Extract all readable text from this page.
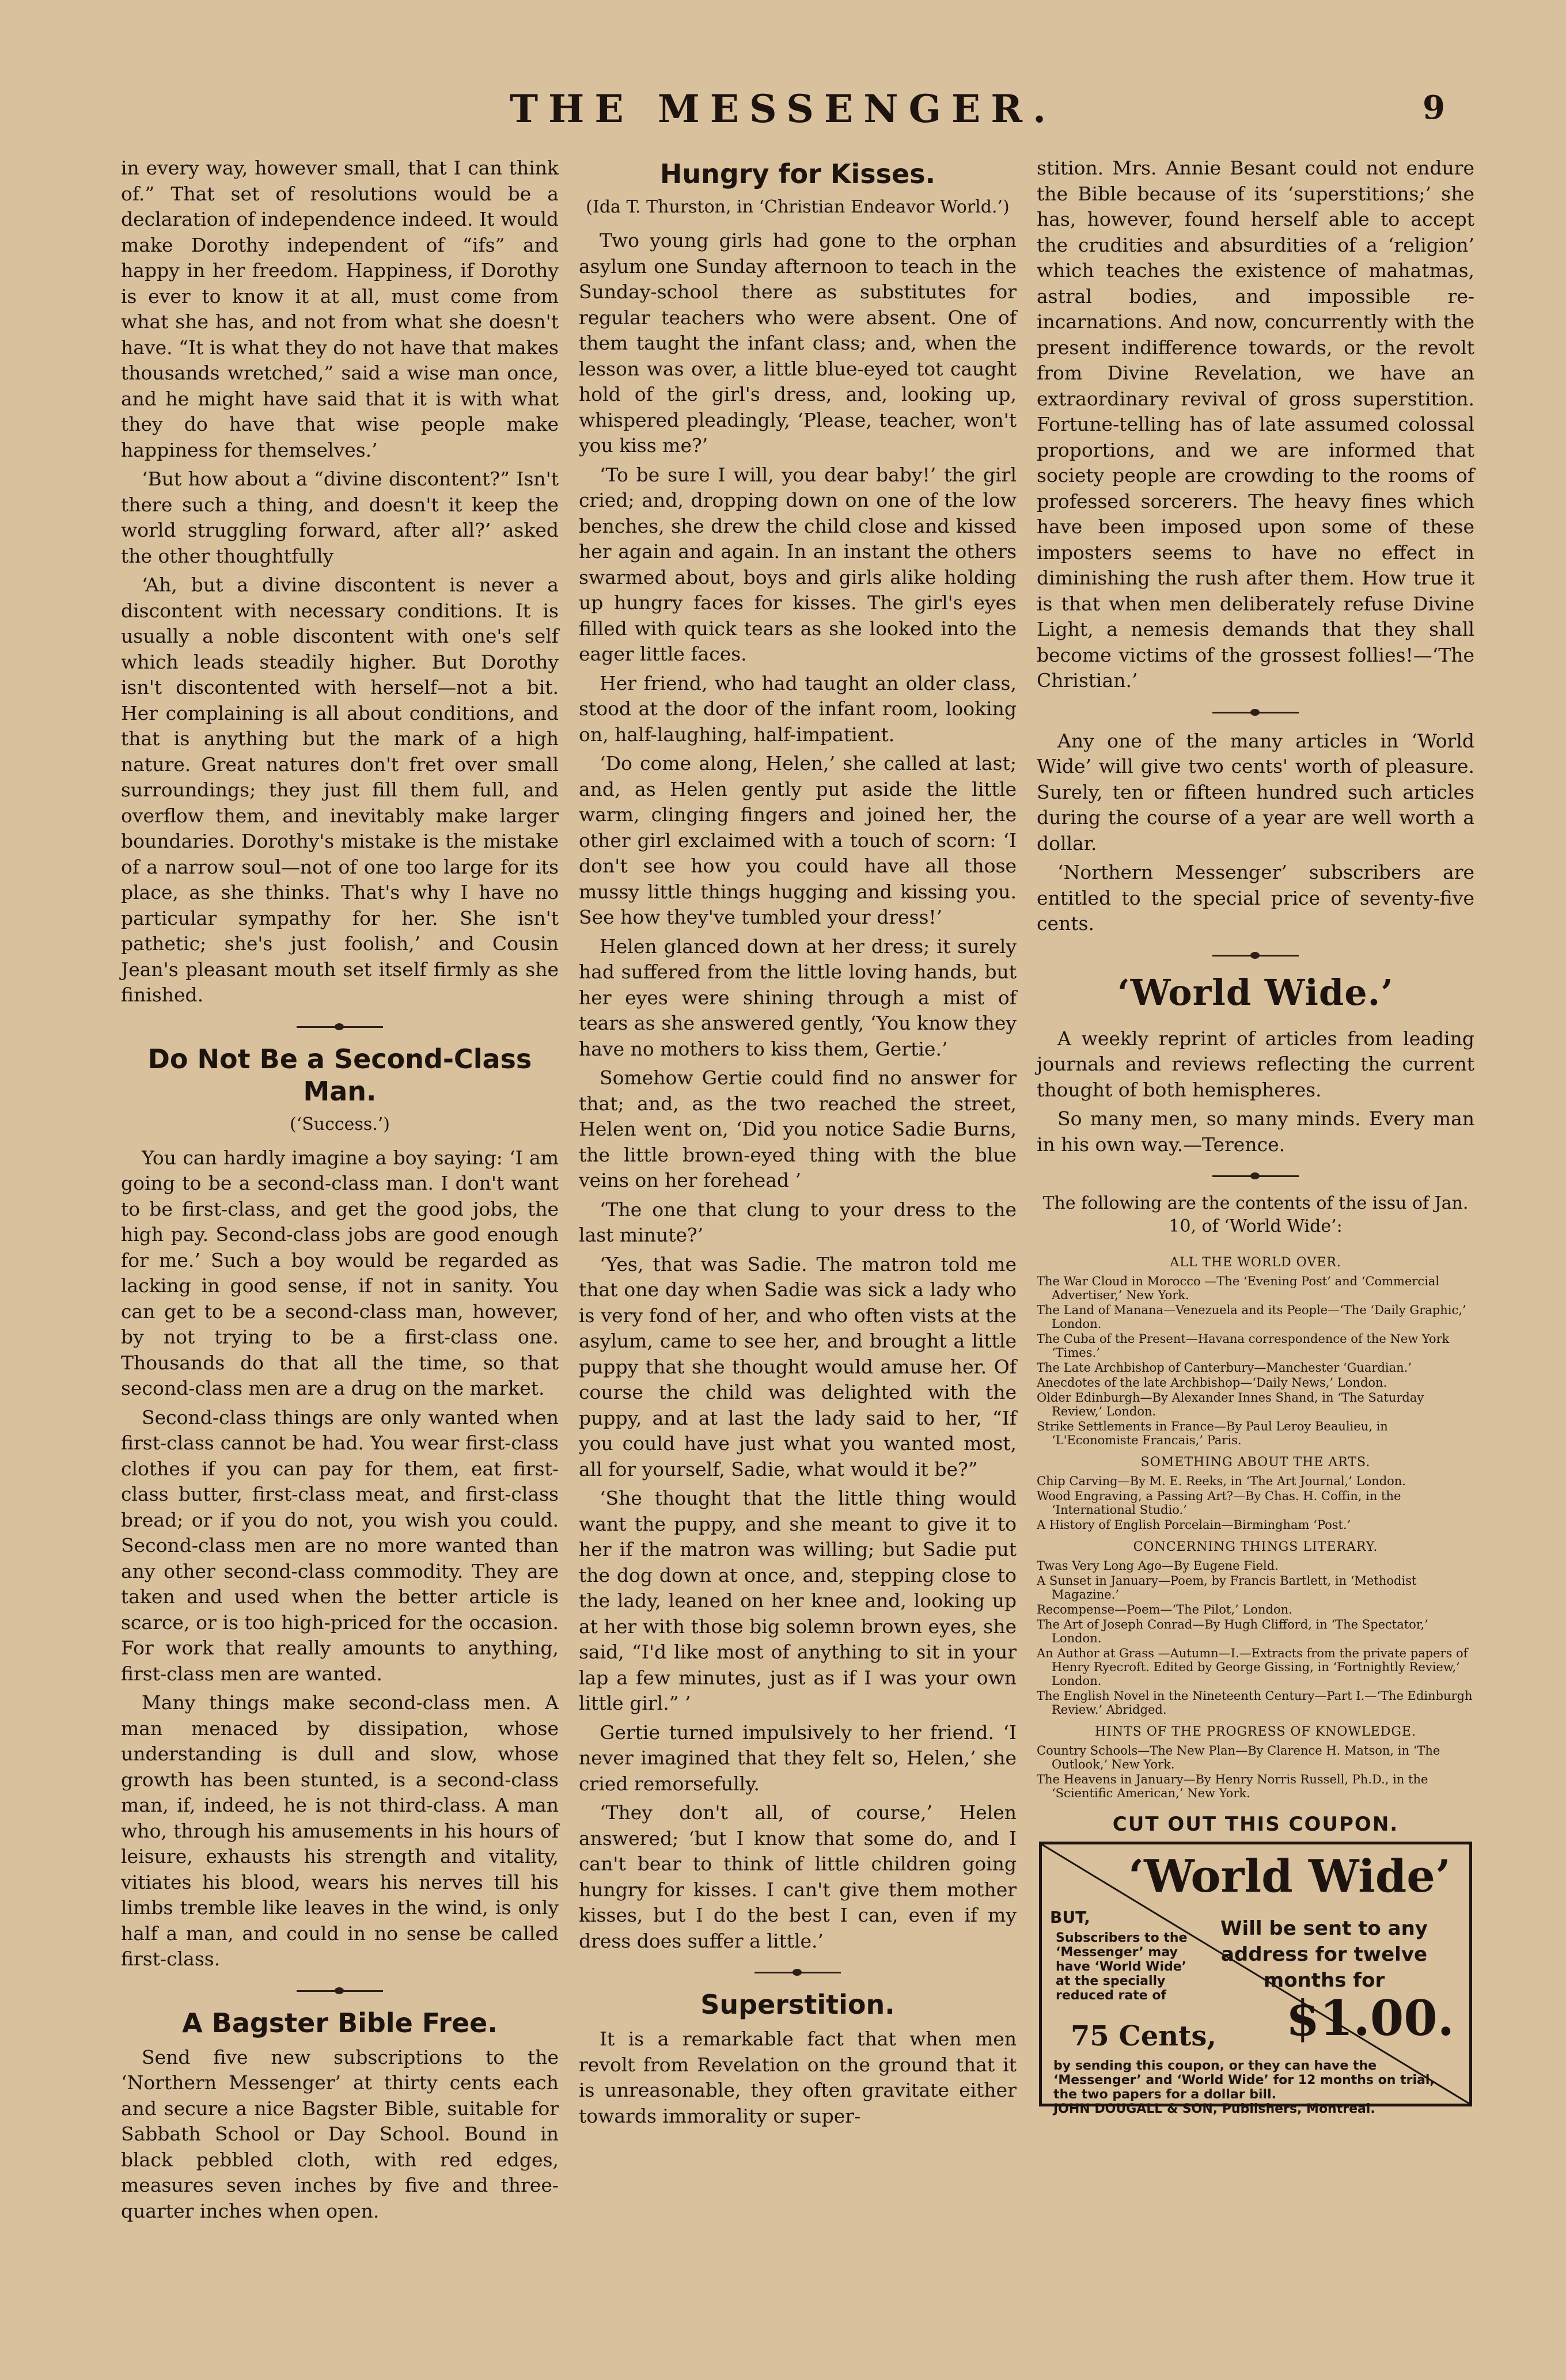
THE MESSENGER.	9

in every way, however small, that I can think of.” That set of resolutions would be a declaration of independence indeed. It would make Dorothy independent of “ifs” and happy in her freedom. Happiness, if Dorothy is ever to know it at all, must come from what she has, and not from what she doesn't have. “It is what they do not have that makes thousands wretched,” said a wise man once, and he might have said that it is with what they do have that wise people make happiness for themselves.’

‘But how about a “divine discontent?” Isn't there such a thing, and doesn't it keep the world struggling forward, after all?’ asked the other thoughtfully

‘Ah, but a divine discontent is never a discontent with necessary conditions. It is usually a noble discontent with one's self which leads steadily higher. But Dorothy isn't discontented with herself—not a bit. Her complaining is all about conditions, and that is anything but the mark of a high nature. Great natures don't fret over small surroundings; they just fill them full, and overflow them, and inevitably make larger boundaries. Dorothy's mistake is the mistake of a narrow soul—not of one too large for its place, as she thinks. That's why I have no particular sympathy for her. She isn't pathetic; she's just foolish,’ and Cousin Jean's pleasant mouth set itself firmly as she finished.

Do Not Be a Second-Class Man.
(‘Success.’)

You can hardly imagine a boy saying: ‘I am going to be a second-class man. I don't want to be first-class, and get the good jobs, the high pay. Second-class jobs are good enough for me.’ Such a boy would be regarded as lacking in good sense, if not in sanity. You can get to be a second-class man, however, by not trying to be a first-class one. Thousands do that all the time, so that second-class men are a drug on the market.

Second-class things are only wanted when first-class cannot be had. You wear first-class clothes if you can pay for them, eat first-class butter, first-class meat, and first-class bread; or if you do not, you wish you could. Second-class men are no more wanted than any other second-class commodity. They are taken and used when the better article is scarce, or is too high-priced for the occasion. For work that really amounts to anything, first-class men are wanted.

Many things make second-class men. A man menaced by dissipation, whose understanding is dull and slow, whose growth has been stunted, is a second-class man, if, indeed, he is not third-class. A man who, through his amusements in his hours of leisure, exhausts his strength and vitality, vitiates his blood, wears his nerves till his limbs tremble like leaves in the wind, is only half a man, and could in no sense be called first-class.

A Bagster Bible Free.

Send five new subscriptions to the ‘Northern Messenger’ at thirty cents each and secure a nice Bagster Bible, suitable for Sabbath School or Day School. Bound in black pebbled cloth, with red edges, measures seven inches by five and three-quarter inches when open.

Hungry for Kisses.
(Ida T. Thurston, in ‘Christian Endeavor World.’)

Two young girls had gone to the orphan asylum one Sunday afternoon to teach in the Sunday-school there as substitutes for regular teachers who were absent. One of them taught the infant class; and, when the lesson was over, a little blue-eyed tot caught hold of the girl's dress, and, looking up, whispered pleadingly, ‘Please, teacher, won't you kiss me?’

‘To be sure I will, you dear baby!’ the girl cried; and, dropping down on one of the low benches, she drew the child close and kissed her again and again. In an instant the others swarmed about, boys and girls alike holding up hungry faces for kisses. The girl's eyes filled with quick tears as she looked into the eager little faces.

Her friend, who had taught an older class, stood at the door of the infant room, looking on, half-laughing, half-impatient.

‘Do come along, Helen,’ she called at last; and, as Helen gently put aside the little warm, clinging fingers and joined her, the other girl exclaimed with a touch of scorn: ‘I don't see how you could have all those mussy little things hugging and kissing you. See how they've tumbled your dress!’

Helen glanced down at her dress; it surely had suffered from the little loving hands, but her eyes were shining through a mist of tears as she answered gently, ‘You know they have no mothers to kiss them, Gertie.’

Somehow Gertie could find no answer for that; and, as the two reached the street, Helen went on, ‘Did you notice Sadie Burns, the little brown-eyed thing with the blue veins on her forehead ’

‘The one that clung to your dress to the last minute?’

‘Yes, that was Sadie. The matron told me that one day when Sadie was sick a lady who is very fond of her, and who often vists at the asylum, came to see her, and brought a little puppy that she thought would amuse her. Of course the child was delighted with the puppy, and at last the lady said to her, “If you could have just what you wanted most, all for yourself, Sadie, what would it be?”

‘She thought that the little thing would want the puppy, and she meant to give it to her if the matron was willing; but Sadie put the dog down at once, and, stepping close to the lady, leaned on her knee and, looking up at her with those big solemn brown eyes, she said, “I'd like most of anything to sit in your lap a few minutes, just as if I was your own little girl.” ’

Gertie turned impulsively to her friend. ‘I never imagined that they felt so, Helen,’ she cried remorsefully.

‘They don't all, of course,’ Helen answered; ‘but I know that some do, and I can't bear to think of little children going hungry for kisses. I can't give them mother kisses, but I do the best I can, even if my dress does suffer a little.’

Superstition.

It is a remarkable fact that when men revolt from Revelation on the ground that it is unreasonable, they often gravitate either towards immorality or super-

stition. Mrs. Annie Besant could not endure the Bible because of its ‘superstitions;’ she has, however, found herself able to accept the crudities and absurdities of a ‘religion’ which teaches the existence of mahatmas, astral bodies, and impossible re-incarnations. And now, concurrently with the present indifference towards, or the revolt from Divine Revelation, we have an extraordinary revival of gross superstition. Fortune-telling has of late assumed colossal proportions, and we are informed that society people are crowding to the rooms of professed sorcerers. The heavy fines which have been imposed upon some of these imposters seems to have no effect in diminishing the rush after them. How true it is that when men deliberately refuse Divine Light, a nemesis demands that they shall become victims of the grossest follies!—‘The Christian.’

Any one of the many articles in ‘World Wide’ will give two cents' worth of pleasure. Surely, ten or fifteen hundred such articles during the course of a year are well worth a dollar.

‘Northern Messenger’ subscribers are entitled to the special price of seventy-five cents.

‘World Wide.’

A weekly reprint of articles from leading journals and reviews reflecting the current thought of both hemispheres.

So many men, so many minds. Every man in his own way.—Terence.

The following are the contents of the issu of Jan. 10, of ‘World Wide’:
ALL THE WORLD OVER.
The War Cloud in Morocco —The ‘Evening Post’ and ‘Commercial Advertiser,’ New York.
The Land of Manana—Venezuela and its People—‘The ‘Daily Graphic,’ London.
The Cuba of the Present—Havana correspondence of the New York ‘Times.’
The Late Archbishop of Canterbury—Manchester ‘Guardian.’
Anecdotes of the late Archbishop—‘Daily News,’ London.
Older Edinburgh—By Alexander Innes Shand, in ‘The Saturday Review,’ London.
Strike Settlements in France—By Paul Leroy Beaulieu, in ‘L'Economiste Francais,’ Paris.
SOMETHING ABOUT THE ARTS.
Chip Carving—By M. E. Reeks, in ‘The Art Journal,’ London.
Wood Engraving, a Passing Art?—By Chas. H. Coffin, in the ‘International Studio.’
A History of English Porcelain—Birmingham ‘Post.’
CONCERNING THINGS LITERARY.
Twas Very Long Ago—By Eugene Field.
A Sunset in January—Poem, by Francis Bartlett, in ‘Methodist Magazine.’
Recompense—Poem—‘The Pilot,’ London.
The Art of Joseph Conrad—By Hugh Clifford, in ‘The Spectator,’ London.
An Author at Grass —Autumn—I.—Extracts from the private papers of Henry Ryecroft. Edited by George Gissing, in ‘Fortnightly Review,’ London.
The English Novel in the Nineteenth Century—Part I.—‘The Edinburgh Review.’ Abridged.
HINTS OF THE PROGRESS OF KNOWLEDGE.
Country Schools—The New Plan—By Clarence H. Matson, in ‘The Outlook,’ New York.
The Heavens in January—By Henry Norris Russell, Ph.D., in the ‘Scientific American,’ New York.
CUT OUT THIS COUPON.
‘World Wide’
BUT,
Subscribers to the ‘Messenger’ may have ‘World Wide’ at the specially reduced rate of
Will be sent to any address for twelve months for
$1.00.
75 Cents,
by sending this coupon, or they can have the ‘Messenger’ and ‘World Wide’ for 12 months on trial, the two papers for a dollar bill.
JOHN DOUGALL & SON, Publishers, Montreal.
